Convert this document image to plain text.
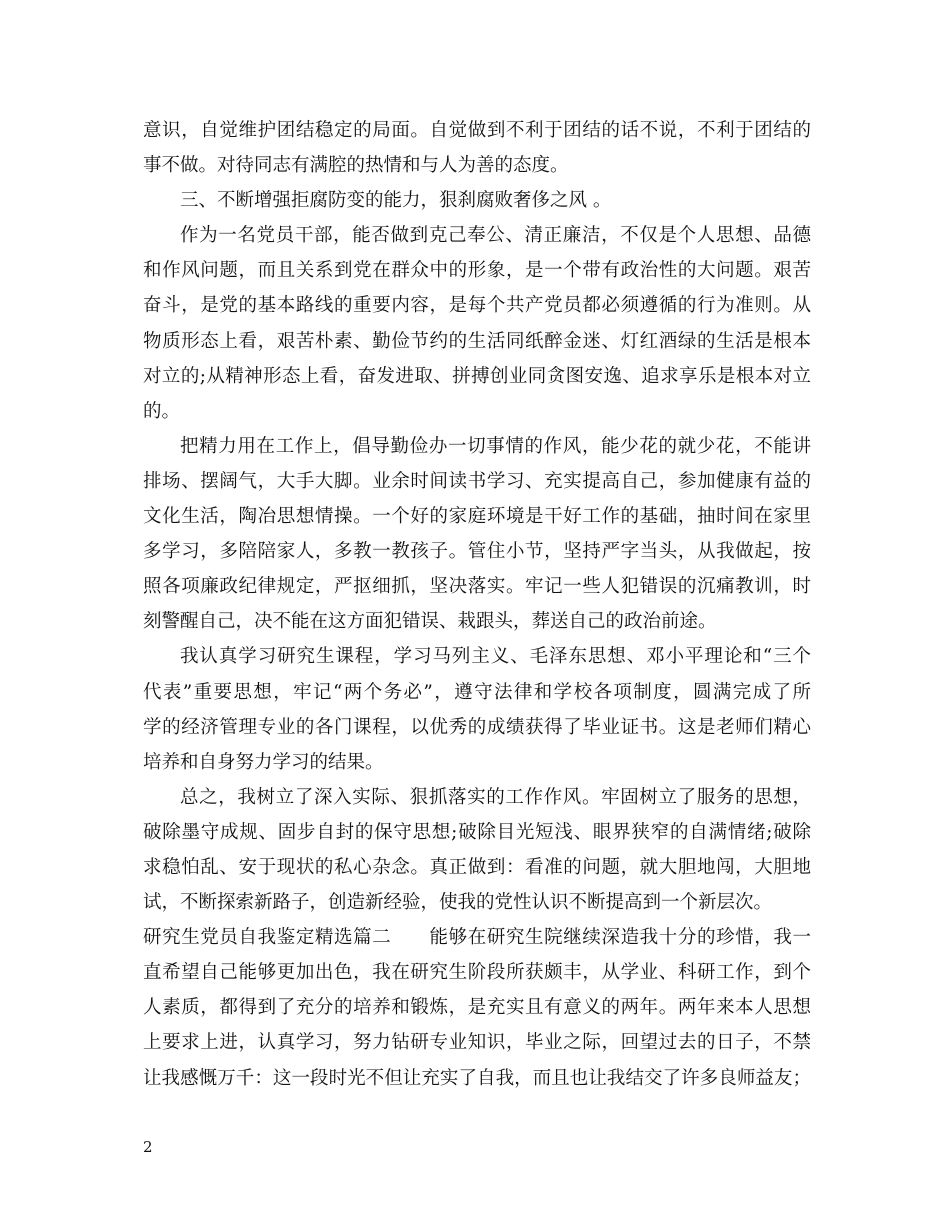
意识，自觉维护团结稳定的局面。自觉做到不利于团结的话不说，不利于团结的
事不做。对待同志有满腔的热情和与人为善的态度。
三、不断增强拒腐防变的能力，狠刹腐败奢侈之风 。
作为一名党员干部，能否做到克己奉公、清正廉洁，不仅是个人思想、品德
和作风问题，而且关系到党在群众中的形象，是一个带有政治性的大问题。艰苦
奋斗，是党的基本路线的重要内容，是每个共产党员都必须遵循的行为准则。从
物质形态上看，艰苦朴素、勤俭节约的生活同纸醉金迷、灯红酒绿的生活是根本
对立的;从精神形态上看，奋发进取、拼搏创业同贪图安逸、追求享乐是根本对立
的。
把精力用在工作上，倡导勤俭办一切事情的作风，能少花的就少花，不能讲
排场、摆阔气，大手大脚。业余时间读书学习、充实提高自己，参加健康有益的
文化生活，陶冶思想情操。一个好的家庭环境是干好工作的基础，抽时间在家里
多学习，多陪陪家人，多教一教孩子。管住小节，坚持严字当头，从我做起，按
照各项廉政纪律规定，严抠细抓，坚决落实。牢记一些人犯错误的沉痛教训，时
刻警醒自己，决不能在这方面犯错误、栽跟头，葬送自己的政治前途。
我认真学习研究生课程，学习马列主义、毛泽东思想、邓小平理论和“三个
代表”重要思想，牢记“两个务必”，遵守法律和学校各项制度，圆满完成了所
学的经济管理专业的各门课程，以优秀的成绩获得了毕业证书。这是老师们精心
培养和自身努力学习的结果。
总之，我树立了深入实际、狠抓落实的工作作风。牢固树立了服务的思想，
破除墨守成规、固步自封的保守思想;破除目光短浅、眼界狭窄的自满情绪;破除
求稳怕乱、安于现状的私心杂念。真正做到：看准的问题，就大胆地闯，大胆地
试，不断探索新路子，创造新经验，使我的党性认识不断提高到一个新层次。
研究生党员自我鉴定精选篇二　　能够在研究生院继续深造我十分的珍惜，我一
直希望自己能够更加出色，我在研究生阶段所获颇丰，从学业、科研工作，到个
人素质，都得到了充分的培养和锻炼，是充实且有意义的两年。两年来本人思想
上要求上进，认真学习，努力钻研专业知识，毕业之际，回望过去的日子，不禁
让我感慨万千：这一段时光不但让充实了自我，而且也让我结交了许多良师益友；
2
